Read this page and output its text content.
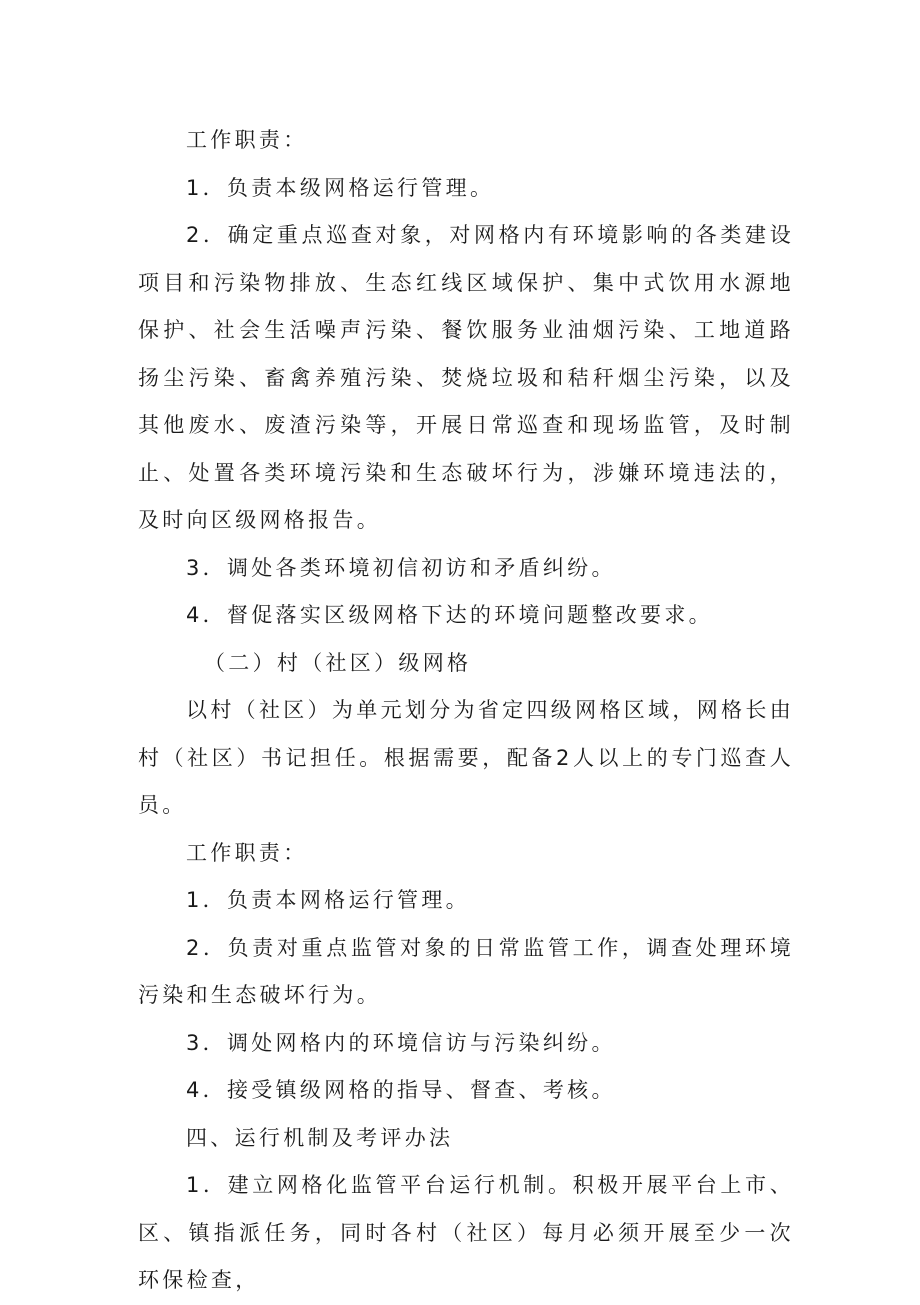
工作职责：

1．负责本级网格运行管理。

2．确定重点巡查对象，对网格内有环境影响的各类建设项目和污染物排放、生态红线区域保护、集中式饮用水源地保护、社会生活噪声污染、餐饮服务业油烟污染、工地道路扬尘污染、畜禽养殖污染、焚烧垃圾和秸秆烟尘污染，以及其他废水、废渣污染等，开展日常巡查和现场监管，及时制止、处置各类环境污染和生态破坏行为，涉嫌环境违法的，及时向区级网格报告。

3．调处各类环境初信初访和矛盾纠纷。

4．督促落实区级网格下达的环境问题整改要求。

（二）村（社区）级网格

以村（社区）为单元划分为省定四级网格区域，网格长由村（社区）书记担任。根据需要，配备2人以上的专门巡查人员。

工作职责：

1．负责本网格运行管理。

2．负责对重点监管对象的日常监管工作，调查处理环境污染和生态破坏行为。

3．调处网格内的环境信访与污染纠纷。

4．接受镇级网格的指导、督查、考核。

四、运行机制及考评办法

1．建立网格化监管平台运行机制。积极开展平台上市、区、镇指派任务，同时各村（社区）每月必须开展至少一次环保检查，
